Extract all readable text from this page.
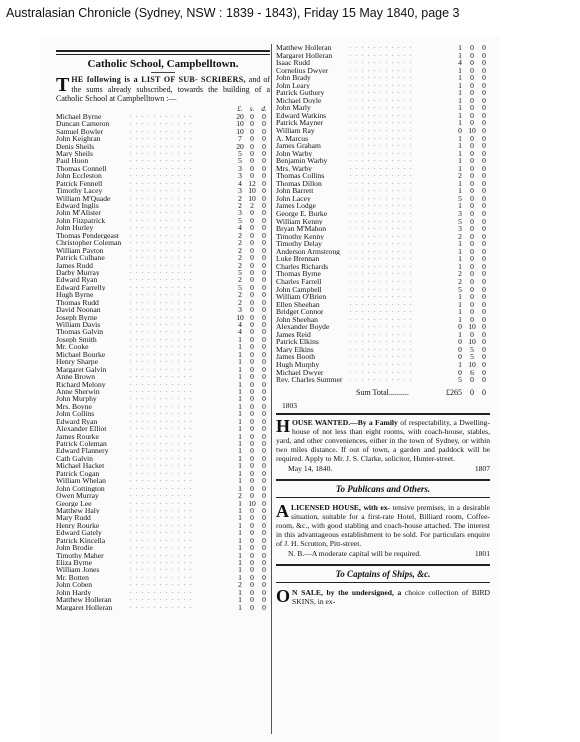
Australasian Chronicle (Sydney, NSW : 1839 - 1843), Friday 15 May 1840, page 3
Catholic School, Campbelltown.
T HE following is a LIST OF SUB- SCRIBERS, and of the sums already subscribed, towards the building of a Catholic School at Campbelltown :—
£.	s.	d.
Michael Byrne	. . . . . . . . . . .	20 0	0
Duncan Cameron	. . . . . . . . . . .	10 0	0
Samuel Bowler	. . . . . . . . . . .	10 0	0
John Keighran	. . . . . . . . . . .	7	0	0
Denis Sheils	. . . . . . . . . . .	20 0	0
Mary Sheils	. . . . . . . . . . .	5	0	0
Paul Huon	. . . . . . . . . . .	5	0	0
Thomas Connell	. . . . . . . . . . .	3	0	0
John Eccleston	. . . . . . . . . . .	3	0	0
Patrick Fennell	. . . . . . . . . . .	4 12 0
Timothy Lacey	. . . . . . . . . . .	3 10 0
William M'Quade	. . . . . . . . . . .	2 10 0
Edward Inglis	. . . . . . . . . . .	2	2	0
John M'Alister	. . . . . . . . . . .	3	0	0
John Fitzpatrick	. . . . . . . . . . .	5	0	0
John Hurley	. . . . . . . . . . .	4	0	0
Thomas Pendergeast	. . . . . . . . . . .	2	0	0
Christopher Coleman	. . . . . . . . . . .	2	0	0
William Payton	. . . . . . . . . . .	2	0	0
Patrick Culhane	. . . . . . . . . . .	2	0	0
James Rudd	. . . . . . . . . . .	2	0	0
Darby Murray	. . . . . . . . . . .	5	0	0
Edward Ryan	. . . . . . . . . . .	2	0	0
Edward Farrelly	. . . . . . . . . . .	5	0	0
Hugh Byrne	. . . . . . . . . . .	2	0	0
Thomas Rudd	. . . . . . . . . . .	2	0	0
David Noonan	. . . . . . . . . . .	3	0	0
Joseph Byrne	. . . . . . . . . . .	10 0	0
William Davis	. . . . . . . . . . .	4	0	0
Thomas Galvin	. . . . . . . . . . .	4	0	0
Joseph Smith	. . . . . . . . . . .	1	0	0
Mr. Cooke	. . . . . . . . . . .	1	0	0
Michael Bourke	. . . . . . . . . . .	1	0	0
Henry Sharpe	. . . . . . . . . . .	1	0	0
Margaret Galvin	. . . . . . . . . . .	1	0	0
Anne Brown	. . . . . . . . . . .	1	0	0
Richard Melony	. . . . . . . . . . .	1	0	0
Anne Sherwin	. . . . . . . . . . .	1	0	0
John Murphy	. . . . . . . . . . .	1	0	0
Mrs. Boyne	. . . . . . . . . . .	1	0	0
John Collins	. . . . . . . . . . .	1	0	0
Edward Ryan	. . . . . . . . . . .	1	0	0
Alexander Elliot	. . . . . . . . . . .	1	0	0
James Rourke	. . . . . . . . . . .	1	0	0
Patrick Coleman	. . . . . . . . . . .	1	0	0
Edward Flannery	. . . . . . . . . . .	1	0	0
Cath Galvin	. . . . . . . . . . .	1	0	0
Michael Hacket	. . . . . . . . . . .	1	0	0
Patrick Cogan	. . . . . . . . . . .	1	0	0
William Whelan	. . . . . . . . . . .	1	0	0
John Cottington	. . . . . . . . . . .	1	0	0
Owen Murray	. . . . . . . . . . .	2	0	0
George Lee	. . . . . . . . . . .	1 10 0
Matthew Haly	. . . . . . . . . . .	1	0	0
Mary Rudd	. . . . . . . . . . .	1	0	0
Henry Rourke	. . . . . . . . . . .	1	0	0
Edward Gately	. . . . . . . . . . .	1	0	0
Patrick Kincella	. . . . . . . . . . .	1	0	0
John Brodie	. . . . . . . . . . .	1	0	0
Timothy Maher	. . . . . . . . . . .	1	0	0
Eliza Byrne	. . . . . . . . . . .	1	0	0
William Jones	. . . . . . . . . . .	1	0	0
Mr. Botten	. . . . . . . . . . .	1	0	0
John Coben	. . . . . . . . . . .	2	0	0
John Hardy	. . . . . . . . . . .	1	0	0
Matthew Holleran	. . . . . . . . . . .	1	0	0
Margaret Holleran	. . . . . . . . . . .	1	0	0
Matthew Holleran	. . . . . . . . . . .	1	0	0
Margaret Holleran	. . . . . . . . . . .	1	0	0
Isaac Rudd	. . . . . . . . . . .	4	0	0
Cornelius Dwyer	. . . . . . . . . . .	1	0	0
John Brady	. . . . . . . . . . .	1	0	0
John Leary	. . . . . . . . . . .	1	0	0
Patrick Guthery	. . . . . . . . . . .	1	0	0
Michael Doyle	. . . . . . . . . . .	1	0	0
John Marly	. . . . . . . . . . .	1	0	0
Edward Watkins	. . . . . . . . . . .	1	0	0
Patrick Mayner	. . . . . . . . . . .	1	0	0
William Ray	. . . . . . . . . . .	0 10 0
A. Marcus	. . . . . . . . . . .	1	0	0
James Graham	. . . . . . . . . . .	1	0	0
John Warby	. . . . . . . . . . .	1	0	0
Benjamin Warby	. . . . . . . . . . .	1	0	0
Mrs. Warby	. . . . . . . . . . .	1	0	0
Thomas Collins	. . . . . . . . . . .	2	0	0
Thomas Dillon	. . . . . . . . . . .	1	0	0
John Barrett	. . . . . . . . . . .	1	0	0
John Lacey	. . . . . . . . . . .	5	0	0
James Lodge	. . . . . . . . . . .	1	0	0
George E. Burke	. . . . . . . . . . .	3	0	0
William Kenny	. . . . . . . . . . .	5	0	0
Bryan M'Mahon	. . . . . . . . . . .	3	0	0
Timothy Kenny	. . . . . . . . . . .	2	0	0
Timothy Delay	. . . . . . . . . . .	1	0	0
Anderson Armstrong	. . . . . . . . . . .	1	0	0
Luke Brennan	. . . . . . . . . . .	1	0	0
Charles Richards	. . . . . . . . . . .	1	0	0
Thomas Byrne	. . . . . . . . . . .	2	0	0
Charles Farrell	. . . . . . . . . . .	2	0	0
John Campbell	. . . . . . . . . . .	5	0	0
William O'Brien	. . . . . . . . . . .	1	0	0
Ellen Sheehan	. . . . . . . . . . .	1	0	0
Bridget Connor	. . . . . . . . . . .	1	0	0
John Sheehan	. . . . . . . . . . .	1	0	0
Alexander Boyde	. . . . . . . . . . .	0 10 0
James Reid	. . . . . . . . . . .	1	0	0
Patrick Elkins	. . . . . . . . . . .	0 10 0
Mary Elkins	. . . . . . . . . . .	0	5	0
James Booth	. . . . . . . . . . .	0	5	0
Hugh Murphy	. . . . . . . . . . .	1 10 0
Michael Dwyer	. . . . . . . . . . .	0	6	0
Rev. Charles Summer	. . . . . . . . . . .	5	0	0
Sum Total..........	£265	0	0
1803
H OUSE WANTED.—By a Family of respectability, a Dwelling-house of not less than eight rooms, with coach-house, stables, yard, and other conveniences, either in the town of Sydney, or within two miles distance. If out of town, a garden and paddock will be required. Apply to Mr. J. S. Clarke, solicitor, Hunter-street.
May 14, 1840.	1807
To Publicans and Others.
A LICENSED HOUSE, with ex- tensive premises, in a desirable situation, suitable for a first-rate Hotel, Billiard room, Coffee-room, &c., with good stabling and coach-house attached. The interest in this advantageous establishment to be sold. For particulars enquire of J. H. Scrutton, Pitt-street.
N. B.—A moderate capital will be required.	1801
To Captains of Ships, &c.
O N SALE, by the undersigned, a choice collection of BIRD SKINS, in ex-
